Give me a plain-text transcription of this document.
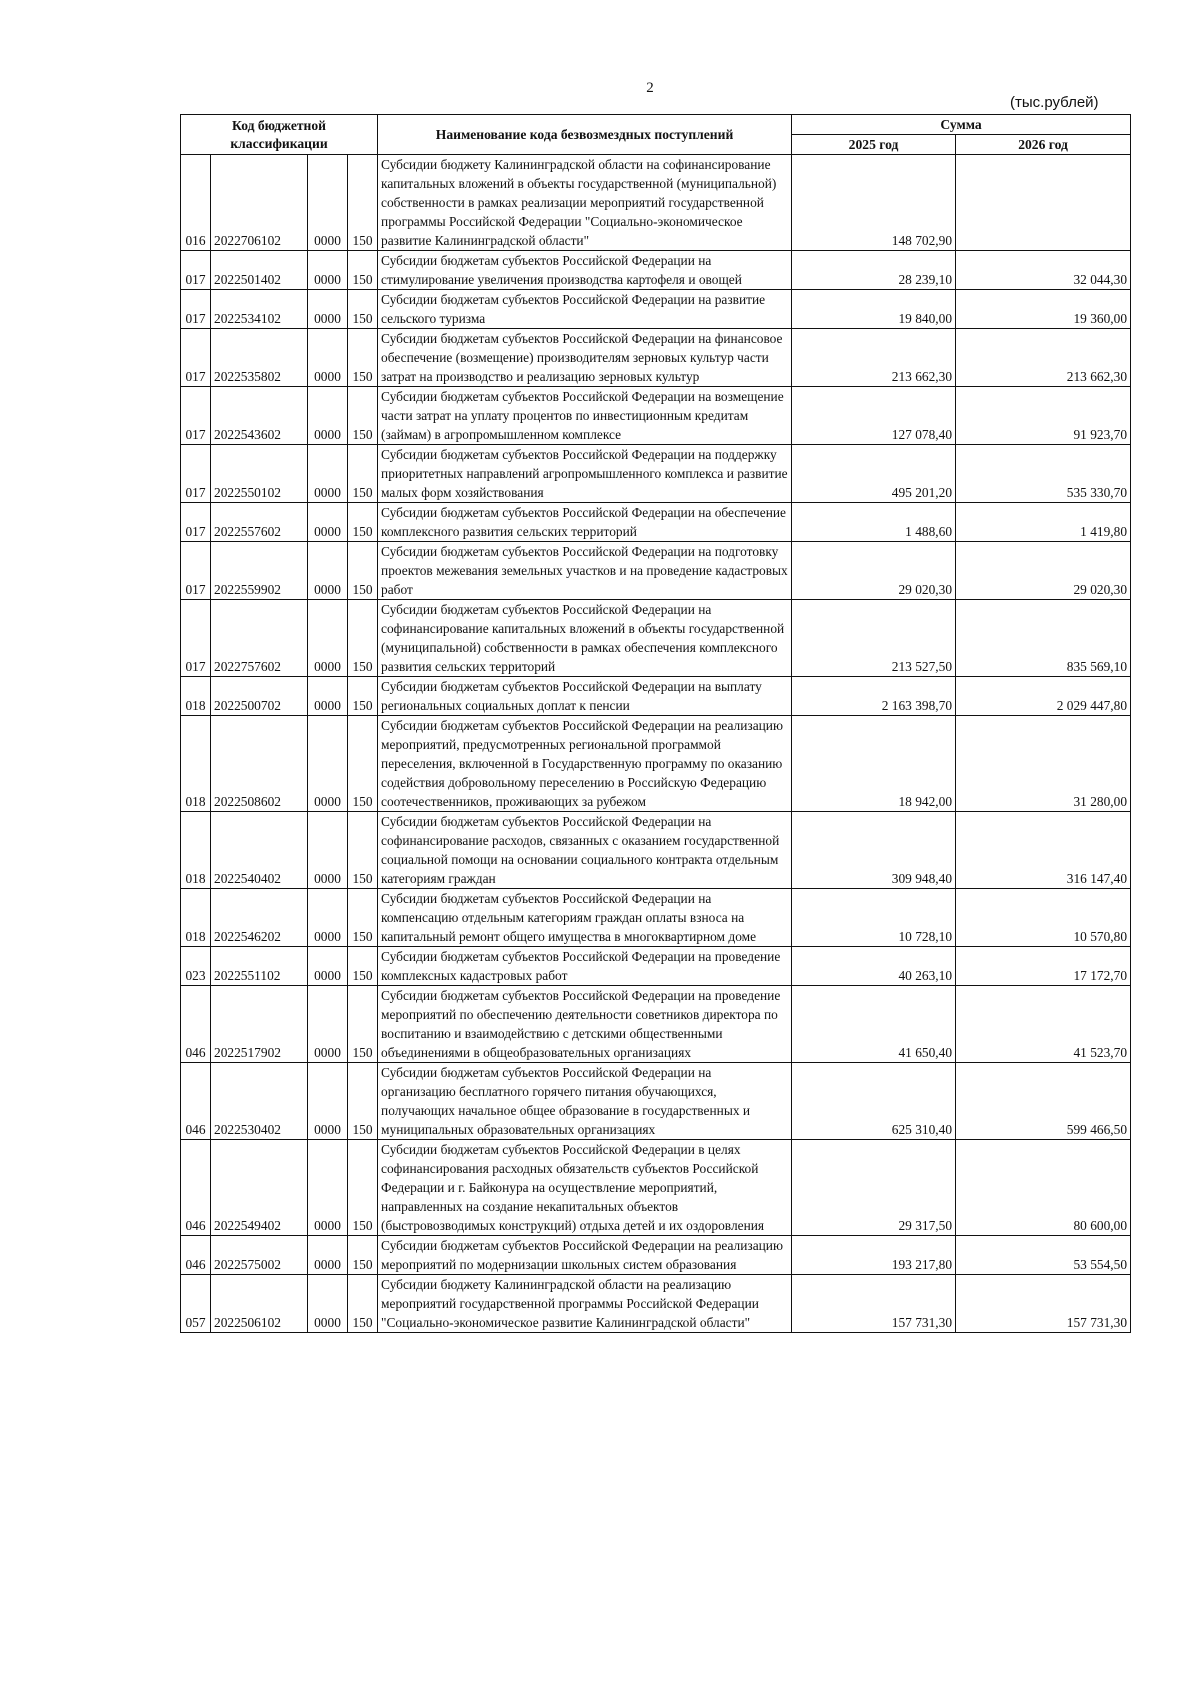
2
(тыс.рублей)
Код бюджетной классификации				Наименование кода безвозмездных поступлений	Сумма	
					2025 год	2026 год
016	2022706102	0000	150	Субсидии бюджету Калининградской области на софинансирование капитальных вложений в объекты государственной (муниципальной) собственности в рамках реализации мероприятий государственной программы Российской Федерации "Социально-экономическое развитие Калининградской области"	148 702,90	
017	2022501402	0000	150	Субсидии бюджетам субъектов Российской Федерации на стимулирование увеличения производства картофеля и овощей	28 239,10	32 044,30
017	2022534102	0000	150	Субсидии бюджетам субъектов Российской Федерации на развитие сельского туризма	19 840,00	19 360,00
017	2022535802	0000	150	Субсидии бюджетам субъектов Российской Федерации на финансовое обеспечение (возмещение) производителям зерновых культур части затрат на производство и реализацию зерновых культур	213 662,30	213 662,30
017	2022543602	0000	150	Субсидии бюджетам субъектов Российской Федерации на возмещение части затрат на уплату процентов по инвестиционным кредитам (займам) в агропромышленном комплексе	127 078,40	91 923,70
017	2022550102	0000	150	Субсидии бюджетам субъектов Российской Федерации на поддержку приоритетных направлений агропромышленного комплекса и развитие малых форм хозяйствования	495 201,20	535 330,70
017	2022557602	0000	150	Субсидии бюджетам субъектов Российской Федерации на обеспечение комплексного развития сельских территорий	1 488,60	1 419,80
017	2022559902	0000	150	Субсидии бюджетам субъектов Российской Федерации на подготовку проектов межевания земельных участков и на проведение кадастровых работ	29 020,30	29 020,30
017	2022757602	0000	150	Субсидии бюджетам субъектов Российской Федерации на софинансирование капитальных вложений в объекты государственной (муниципальной) собственности в рамках обеспечения комплексного развития сельских территорий	213 527,50	835 569,10
018	2022500702	0000	150	Субсидии бюджетам субъектов Российской Федерации на выплату региональных социальных доплат к пенсии	2 163 398,70	2 029 447,80
018	2022508602	0000	150	Субсидии бюджетам субъектов Российской Федерации на реализацию мероприятий, предусмотренных региональной программой переселения, включенной в Государственную программу по оказанию содействия добровольному переселению в Российскую Федерацию соотечественников, проживающих за рубежом	18 942,00	31 280,00
018	2022540402	0000	150	Субсидии бюджетам субъектов Российской Федерации на софинансирование расходов, связанных с оказанием государственной социальной помощи на основании социального контракта отдельным категориям граждан	309 948,40	316 147,40
018	2022546202	0000	150	Субсидии бюджетам субъектов Российской Федерации на компенсацию отдельным категориям граждан оплаты взноса на капитальный ремонт общего имущества в многоквартирном доме	10 728,10	10 570,80
023	2022551102	0000	150	Субсидии бюджетам субъектов Российской Федерации на проведение комплексных кадастровых работ	40 263,10	17 172,70
046	2022517902	0000	150	Субсидии бюджетам субъектов Российской Федерации на проведение мероприятий по обеспечению деятельности советников директора по воспитанию и взаимодействию с детскими общественными объединениями в общеобразовательных организациях	41 650,40	41 523,70
046	2022530402	0000	150	Субсидии бюджетам субъектов Российской Федерации на организацию бесплатного горячего питания обучающихся, получающих начальное общее образование в государственных и муниципальных образовательных организациях	625 310,40	599 466,50
046	2022549402	0000	150	Субсидии бюджетам субъектов Российской Федерации в целях софинансирования расходных обязательств субъектов Российской Федерации и г. Байконура на осуществление мероприятий, направленных на создание некапитальных объектов (быстровозводимых конструкций) отдыха детей и их оздоровления	29 317,50	80 600,00
046	2022575002	0000	150	Субсидии бюджетам субъектов Российской Федерации на реализацию мероприятий по модернизации школьных систем образования	193 217,80	53 554,50
057	2022506102	0000	150	Субсидии бюджету Калининградской области на реализацию мероприятий государственной программы Российской Федерации "Социально-экономическое развитие Калининградской области"	157 731,30	157 731,30
